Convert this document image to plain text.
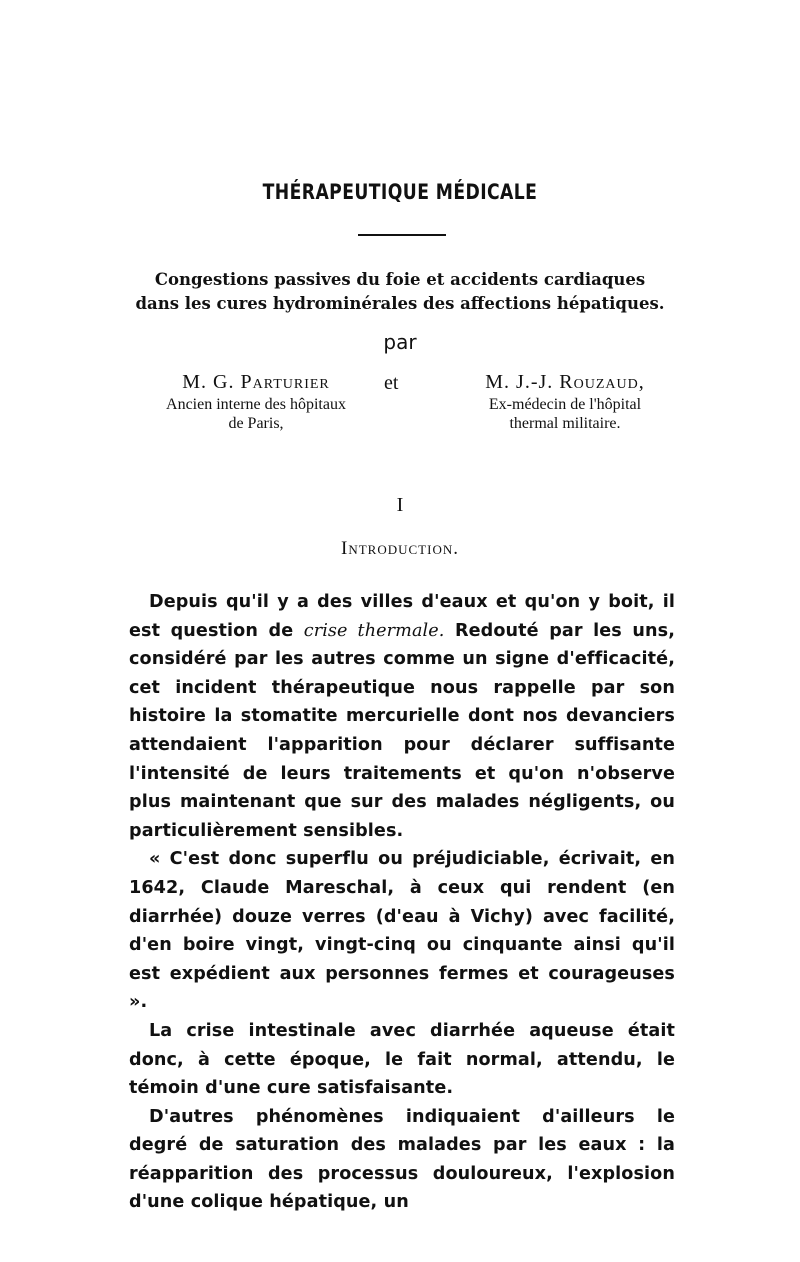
THÉRAPEUTIQUE MÉDICALE
Congestions passives du foie et accidents cardiaques
dans les cures hydrominérales des affections hépatiques.
par
M. G. Parturier
Ancien interne des hôpitaux
de Paris,
et	M. J.-J. Rouzaud,
Ex-médecin de l'hôpital
thermal militaire.
I
Introduction.

Depuis qu'il y a des villes d'eaux et qu'on y boit, il est question de crise thermale. Redouté par les uns, considéré par les autres comme un signe d'efficacité, cet incident thérapeutique nous rappelle par son histoire la stomatite mercurielle dont nos devanciers attendaient l'apparition pour déclarer suffisante l'intensité de leurs traitements et qu'on n'observe plus maintenant que sur des malades négligents, ou particulièrement sensibles.

« C'est donc superflu ou préjudiciable, écrivait, en 1642, Claude Mareschal, à ceux qui rendent (en diarrhée) douze verres (d'eau à Vichy) avec facilité, d'en boire vingt, vingt-cinq ou cinquante ainsi qu'il est expédient aux personnes fermes et courageuses ».

La crise intestinale avec diarrhée aqueuse était donc, à cette époque, le fait normal, attendu, le témoin d'une cure satisfaisante.

D'autres phénomènes indiquaient d'ailleurs le degré de saturation des malades par les eaux : la réapparition des processus douloureux, l'explosion d'une colique hépatique, un
